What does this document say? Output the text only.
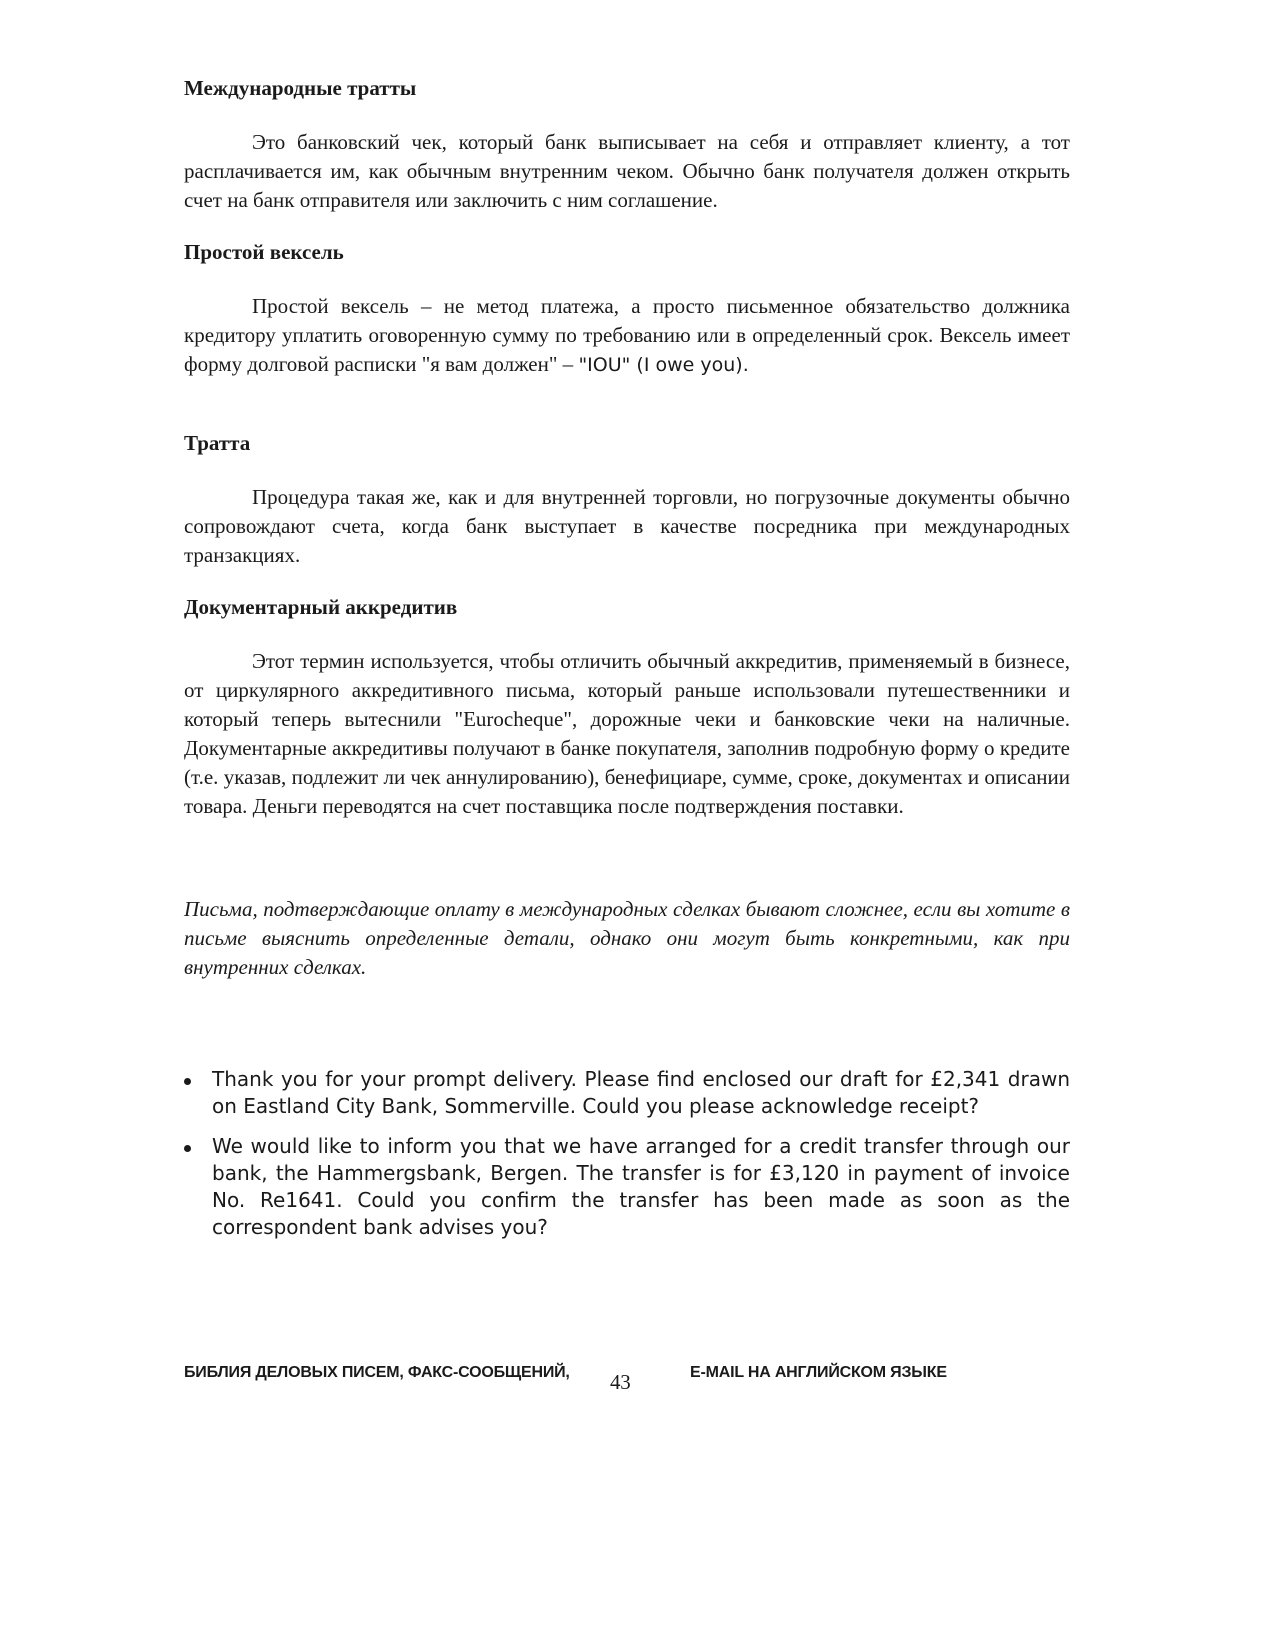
Международные тратты

Это банковский чек, который банк выписывает на себя и отправляет клиенту, а тот расплачивается им, как обычным внутренним чеком. Обычно банк получателя должен открыть счет на банк отправителя или заключить с ним соглашение.

Простой вексель

Простой вексель – не метод платежа, а просто письменное обязательство должника кредитору уплатить оговоренную сумму по требованию или в определенный срок. Вексель имеет форму долговой расписки "я вам должен" – "IOU" (I owe you).

Тратта

Процедура такая же, как и для внутренней торговли, но погрузочные документы обычно сопровождают счета, когда банк выступает в качестве посредника при международных транзакциях.

Документарный аккредитив

Этот термин используется, чтобы отличить обычный аккредитив, применяемый в бизнесе, от циркулярного аккредитивного письма, который раньше использовали путешественники и который теперь вытеснили "Eurocheque", дорожные чеки и банковские чеки на наличные. Документарные аккредитивы получают в банке покупателя, заполнив подробную форму о кредите (т.е. указав, подлежит ли чек аннулированию), бенефициаре, сумме, сроке, документах и описании товара. Деньги переводятся на счет поставщика после подтверждения поставки.

Письма, подтверждающие оплату в международных сделках бывают сложнее, если вы хотите в письме выяснить определенные детали, однако они могут быть конкретными, как при внутренних сделках.

Thank you for your prompt delivery. Please find enclosed our draft for £2,341 drawn on Eastland City Bank, Sommerville. Could you please acknowledge receipt?
We would like to inform you that we have arranged for a credit transfer through our bank, the Hammergsbank, Bergen. The transfer is for £3,120 in payment of invoice No. Re1641. Could you confirm the transfer has been made as soon as the correspondent bank advises you?
БИБЛИЯ ДЕЛОВЫХ ПИСЕМ, ФАКС-СООБЩЕНИЙ, 43	E-MAIL НА АНГЛИЙСКОМ ЯЗЫКЕ
